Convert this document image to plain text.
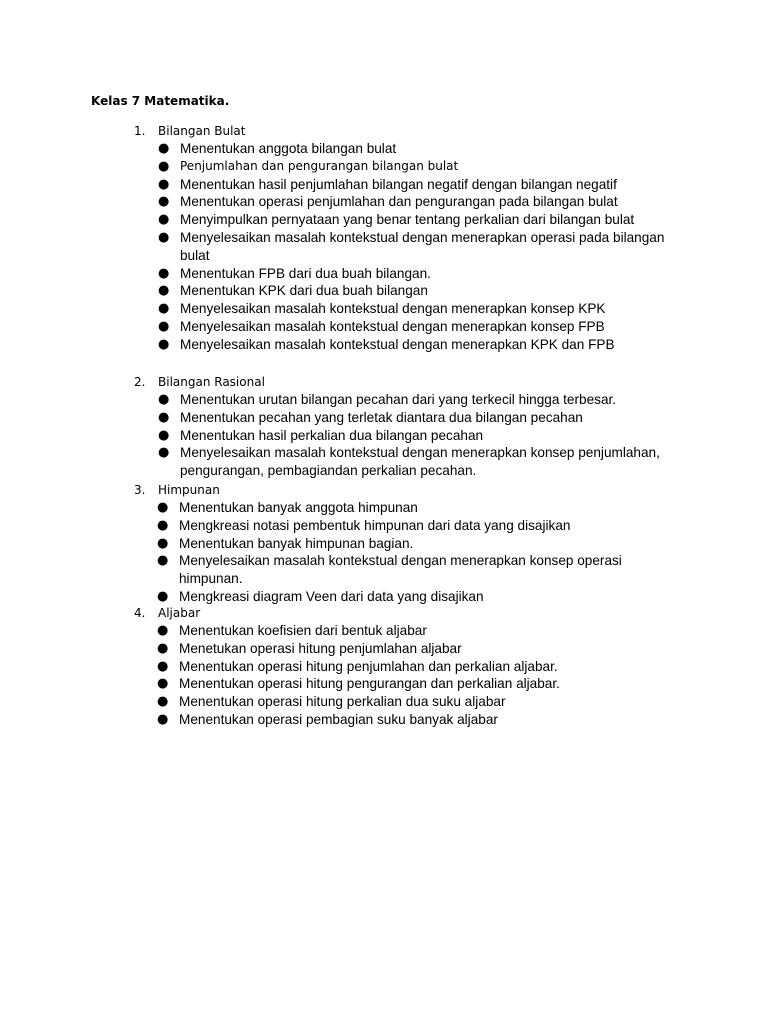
Kelas 7 Matematika.
1. Bilangan Bulat
● Menentukan anggota bilangan bulat
● Penjumlahan dan pengurangan bilangan bulat
● Menentukan hasil penjumlahan bilangan negatif dengan bilangan negatif
● Menentukan operasi penjumlahan dan pengurangan pada bilangan bulat
● Menyimpulkan pernyataan yang benar tentang perkalian dari bilangan bulat
● Menyelesaikan masalah kontekstual dengan menerapkan operasi pada bilangan bulat
● Menentukan FPB dari dua buah bilangan.
● Menentukan KPK dari dua buah bilangan
● Menyelesaikan masalah kontekstual dengan menerapkan konsep KPK
● Menyelesaikan masalah kontekstual dengan menerapkan konsep FPB
● Menyelesaikan masalah kontekstual dengan menerapkan KPK dan FPB
2. Bilangan Rasional
● Menentukan urutan bilangan pecahan dari yang terkecil hingga terbesar.
● Menentukan pecahan yang terletak diantara dua bilangan pecahan
● Menentukan hasil perkalian dua bilangan pecahan
● Menyelesaikan masalah kontekstual dengan menerapkan konsep penjumlahan, pengurangan, pembagiandan perkalian pecahan.
3. Himpunan
● Menentukan banyak anggota himpunan
● Mengkreasi notasi pembentuk himpunan dari data yang disajikan
● Menentukan banyak himpunan bagian.
● Menyelesaikan masalah kontekstual dengan menerapkan konsep operasi himpunan.
● Mengkreasi diagram Veen dari data yang disajikan
4. Aljabar
● Menentukan koefisien dari bentuk aljabar
● Menetukan operasi hitung penjumlahan aljabar
● Menentukan operasi hitung penjumlahan dan perkalian aljabar.
● Menentukan operasi hitung pengurangan dan perkalian aljabar.
● Menentukan operasi hitung perkalian dua suku aljabar
● Menentukan operasi pembagian suku banyak aljabar
